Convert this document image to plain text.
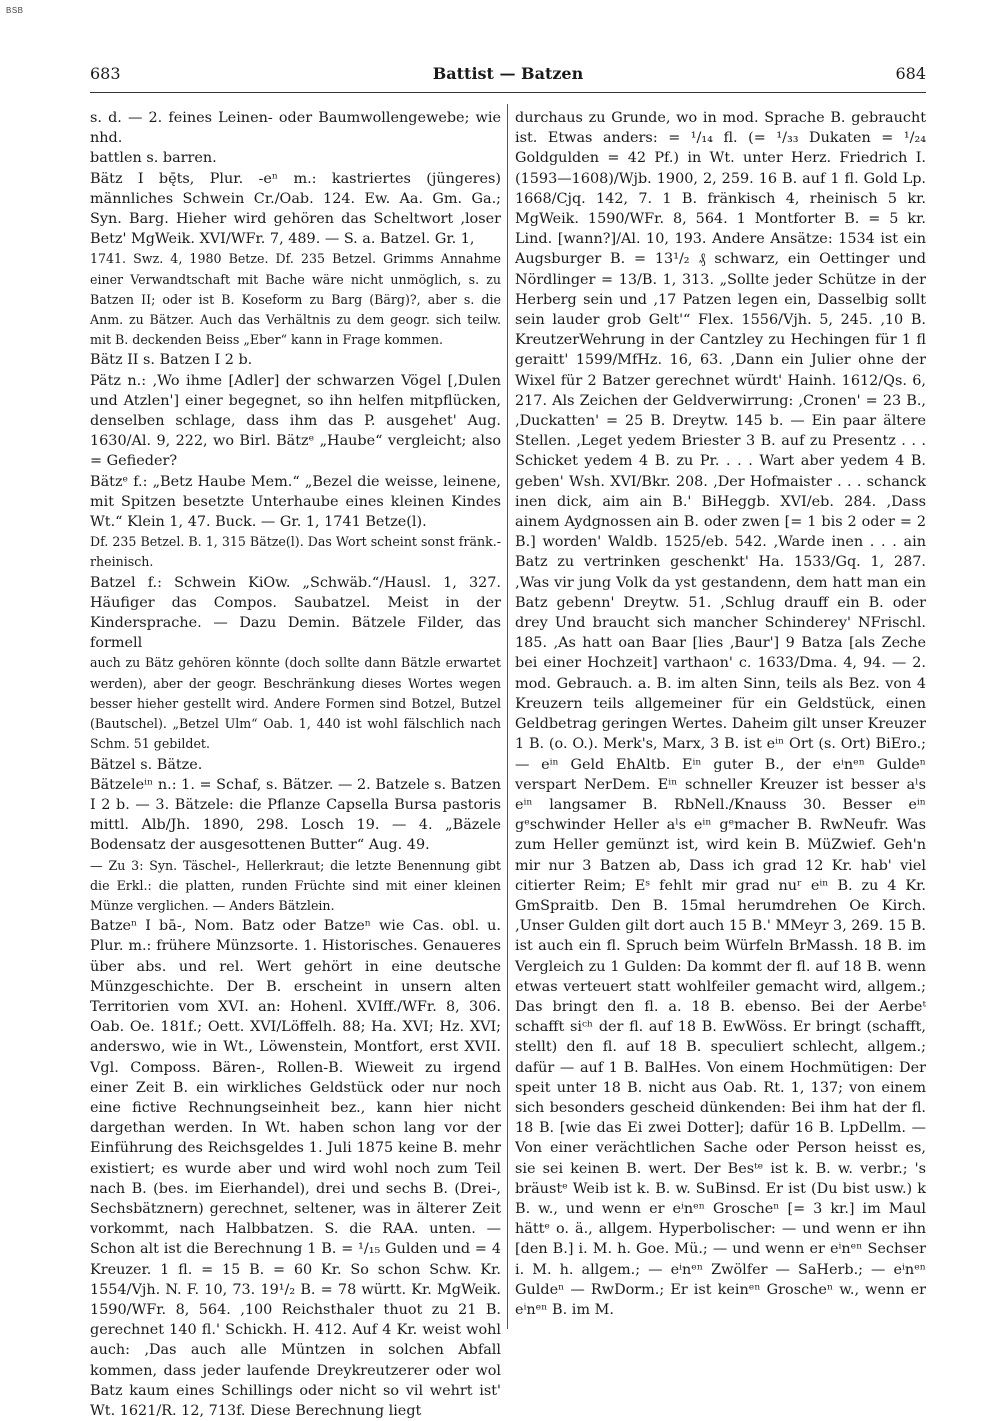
BSB
683	Battist — Batzen	684

s. d. — 2. feines Leinen- oder Baumwollengewebe; wie nhd.

battlen s. barren.

Bätz I bę̄ts, Plur. -eⁿ m.: kastriertes (jüngeres) männliches Schwein Cr./Oab. 124. Ew. Aa. Gm. Ga.; Syn. Barg. Hieher wird gehören das Scheltwort ‚loser Betz' MgWeik. XVI/WFr. 7, 489. — S. a. Batzel. Gr. 1,

1741. Swz. 4, 1980 Betze. Df. 235 Betzel. Grimms Annahme einer Verwandtschaft mit Bache wäre nicht unmöglich, s. zu Batzen II; oder ist B. Koseform zu Barg (Bärg)?, aber s. die Anm. zu Bätzer. Auch das Verhältnis zu dem geogr. sich teilw. mit B. deckenden Beiss „Eber“ kann in Frage kommen.

Bätz II s. Batzen I 2 b.

Pätz n.: ‚Wo ihme [Adler] der schwarzen Vögel [‚Dulen und Atzlen'] einer begegnet, so ihn helfen mitpflücken, denselben schlage, dass ihm das P. ausgehet' Aug. 1630/Al. 9, 222, wo Birl. Bätzᵉ „Haube“ vergleicht; also = Gefieder?

Bätzᵉ f.: „Betz Haube Mem.“ „Bezel die weisse, leinene, mit Spitzen besetzte Unterhaube eines kleinen Kindes Wt.“ Klein 1, 47. Buck. — Gr. 1, 1741 Betze(l).

Df. 235 Betzel. B. 1, 315 Bätze(l). Das Wort scheint sonst fränk.-rheinisch.

Batzel f.: Schwein KiOw. „Schwäb.“/Hausl. 1, 327. Häufiger das Compos. Saubatzel. Meist in der Kindersprache. — Dazu Demin. Bätzele Filder, das formell

auch zu Bätz gehören könnte (doch sollte dann Bätzle erwartet werden), aber der geogr. Beschränkung dieses Wortes wegen besser hieher gestellt wird. Andere Formen sind Botzel, Butzel (Bautschel). „Betzel Ulm“ Oab. 1, 440 ist wohl fälschlich nach Schm. 51 gebildet.

Bätzel s. Bätze.

Bätzeleⁱⁿ n.: 1. = Schaf, s. Bätzer. — 2. Batzele s. Batzen I 2 b. — 3. Bätzele: die Pflanze Capsella Bursa pastoris mittl. Alb/Jh. 1890, 298. Losch 19. — 4. „Bäzele Bodensatz der ausgesottenen Butter“ Aug. 49.

— Zu 3: Syn. Täschel-, Hellerkraut; die letzte Benennung gibt die Erkl.: die platten, runden Früchte sind mit einer kleinen Münze verglichen. — Anders Bätzlein.

Batzeⁿ I bā-, Nom. Batz oder Batzeⁿ wie Cas. obl. u. Plur. m.: frühere Münzsorte. 1. Historisches. Genaueres über abs. und rel. Wert gehört in eine deutsche Münzgeschichte. Der B. erscheint in unsern alten Territorien vom XVI. an: Hohenl. XVIff./WFr. 8, 306. Oab. Oe. 181f.; Oett. XVI/Löffelh. 88; Ha. XVI; Hz. XVI; anderswo, wie in Wt., Löwenstein, Montfort, erst XVII. Vgl. Composs. Bären-, Rollen-B. Wieweit zu irgend einer Zeit B. ein wirkliches Geldstück oder nur noch eine fictive Rechnungseinheit bez., kann hier nicht dargethan werden. In Wt. haben schon lang vor der Einführung des Reichsgeldes 1. Juli 1875 keine B. mehr existiert; es wurde aber und wird wohl noch zum Teil nach B. (bes. im Eierhandel), drei und sechs B. (Drei-, Sechsbätznern) gerechnet, seltener, was in älterer Zeit vorkommt, nach Halbbatzen. S. die RAA. unten. — Schon alt ist die Berechnung 1 B. = ¹/₁₅ Gulden und = 4 Kreuzer. 1 fl. = 15 B. = 60 Kr. So schon Schw. Kr. 1554/Vjh. N. F. 10, 73. 19¹/₂ B. = 78 württ. Kr. MgWeik. 1590/WFr. 8, 564. ‚100 Reichsthaler thuot zu 21 B. gerechnet 140 fl.' Schickh. H. 412. Auf 4 Kr. weist wohl auch: ‚Das auch alle Müntzen in solchen Abfall kommen, dass jeder laufende Dreykreutzerer oder wol Batz kaum eines Schillings oder nicht so vil wehrt ist' Wt. 1621/R. 12, 713f. Diese Berechnung liegt

durchaus zu Grunde, wo in mod. Sprache B. gebraucht ist. Etwas anders: = ¹/₁₄ fl. (= ¹/₃₃ Dukaten = ¹/₂₄ Goldgulden = 42 Pf.) in Wt. unter Herz. Friedrich I. (1593—1608)/Wjb. 1900, 2, 259. 16 B. auf 1 fl. Gold Lp. 1668/Cjq. 142, 7. 1 B. fränkisch 4, rheinisch 5 kr. MgWeik. 1590/WFr. 8, 564. 1 Montforter B. = 5 kr. Lind. [wann?]/Al. 10, 193. Andere Ansätze: 1534 ist ein Augsburger B. = 13¹/₂ ₰ schwarz, ein Oettinger und Nördlinger = 13/B. 1, 313. „Sollte jeder Schütze in der Herberg sein und ‚17 Patzen legen ein, Dasselbig sollt sein lauder grob Gelt'“ Flex. 1556/Vjh. 5, 245. ‚10 B. KreutzerWehrung in der Cantzley zu Hechingen für 1 fl geraitt' 1599/MfHz. 16, 63. ‚Dann ein Julier ohne der Wixel für 2 Batzer gerechnet würdt' Hainh. 1612/Qs. 6, 217. Als Zeichen der Geldverwirrung: ‚Cronen' = 23 B., ‚Duckatten' = 25 B. Dreytw. 145 b. — Ein paar ältere Stellen. ‚Leget yedem Briester 3 B. auf zu Presentz . . . Schicket yedem 4 B. zu Pr. . . . Wart aber yedem 4 B. geben' Wsh. XVI/Bkr. 208. ‚Der Hofmaister . . . schanck inen dick, aim ain B.' BiHeggb. XVI/eb. 284. ‚Dass ainem Aydgnossen ain B. oder zwen [= 1 bis 2 oder = 2 B.] worden' Waldb. 1525/eb. 542. ‚Warde inen . . . ain Batz zu vertrinken geschenkt' Ha. 1533/Gq. 1, 287. ‚Was vir jung Volk da yst gestandenn, dem hatt man ein Batz gebenn' Dreytw. 51. ‚Schlug drauff ein B. oder drey Und braucht sich mancher Schinderey' NFrischl. 185. ‚As hatt oan Baar [lies ‚Baur'] 9 Batza [als Zeche bei einer Hochzeit] varthaon' c. 1633/Dma. 4, 94. — 2. mod. Gebrauch. a. B. im alten Sinn, teils als Bez. von 4 Kreuzern teils allgemeiner für ein Geldstück, einen Geldbetrag geringen Wertes. Daheim gilt unser Kreuzer 1 B. (o. O.). Merk's, Marx, 3 B. ist eⁱⁿ Ort (s. Ort) BiEro.; — eⁱⁿ Geld EhAltb. Eⁱⁿ guter B., der eⁱnᵉⁿ Guldeⁿ verspart NerDem. Eⁱⁿ schneller Kreuzer ist besser aˡs eⁱⁿ langsamer B. RbNell./Knauss 30. Besser eⁱⁿ gᵉschwinder Heller aˡs eⁱⁿ gᵉmacher B. RwNeufr. Was zum Heller gemünzt ist, wird kein B. MüZwief. Geh'n mir nur 3 Batzen ab, Dass ich grad 12 Kr. hab' viel citierter Reim; Eˢ fehlt mir grad nuʳ eⁱⁿ B. zu 4 Kr. GmSpraitb. Den B. 15mal herumdrehen Oe Kirch. ‚Unser Gulden gilt dort auch 15 B.' MMeyr 3, 269. 15 B. ist auch ein fl. Spruch beim Würfeln BrMassh. 18 B. im Vergleich zu 1 Gulden: Da kommt der fl. auf 18 B. wenn etwas verteuert statt wohlfeiler gemacht wird, allgem.; Das bringt den fl. a. 18 B. ebenso. Bei der Aerbeᵗ schafft siᶜʰ der fl. auf 18 B. EwWöss. Er bringt (schafft, stellt) den fl. auf 18 B. speculiert schlecht, allgem.; dafür — auf 1 B. BalHes. Von einem Hochmütigen: Der speit unter 18 B. nicht aus Oab. Rt. 1, 137; von einem sich besonders gescheid dünkenden: Bei ihm hat der fl. 18 B. [wie das Ei zwei Dotter]; dafür 16 B. LpDellm. — Von einer verächtlichen Sache oder Person heisst es, sie sei keinen B. wert. Der Besᵗᵉ ist k. B. w. verbr.; 's bräustᵉ Weib ist k. B. w. SuBinsd. Er ist (Du bist usw.) k B. w., und wenn er eⁱnᵉⁿ Groscheⁿ [= 3 kr.] im Maul hättᵉ o. ä., allgem. Hyperbolischer: — und wenn er ihn [den B.] i. M. h. Goe. Mü.; — und wenn er eⁱnᵉⁿ Sechser i. M. h. allgem.; — eⁱnᵉⁿ Zwölfer — SaHerb.; — eⁱnᵉⁿ Guldeⁿ — RwDorm.; Er ist keinᵉⁿ Groscheⁿ w., wenn er eⁱnᵉⁿ B. im M.
